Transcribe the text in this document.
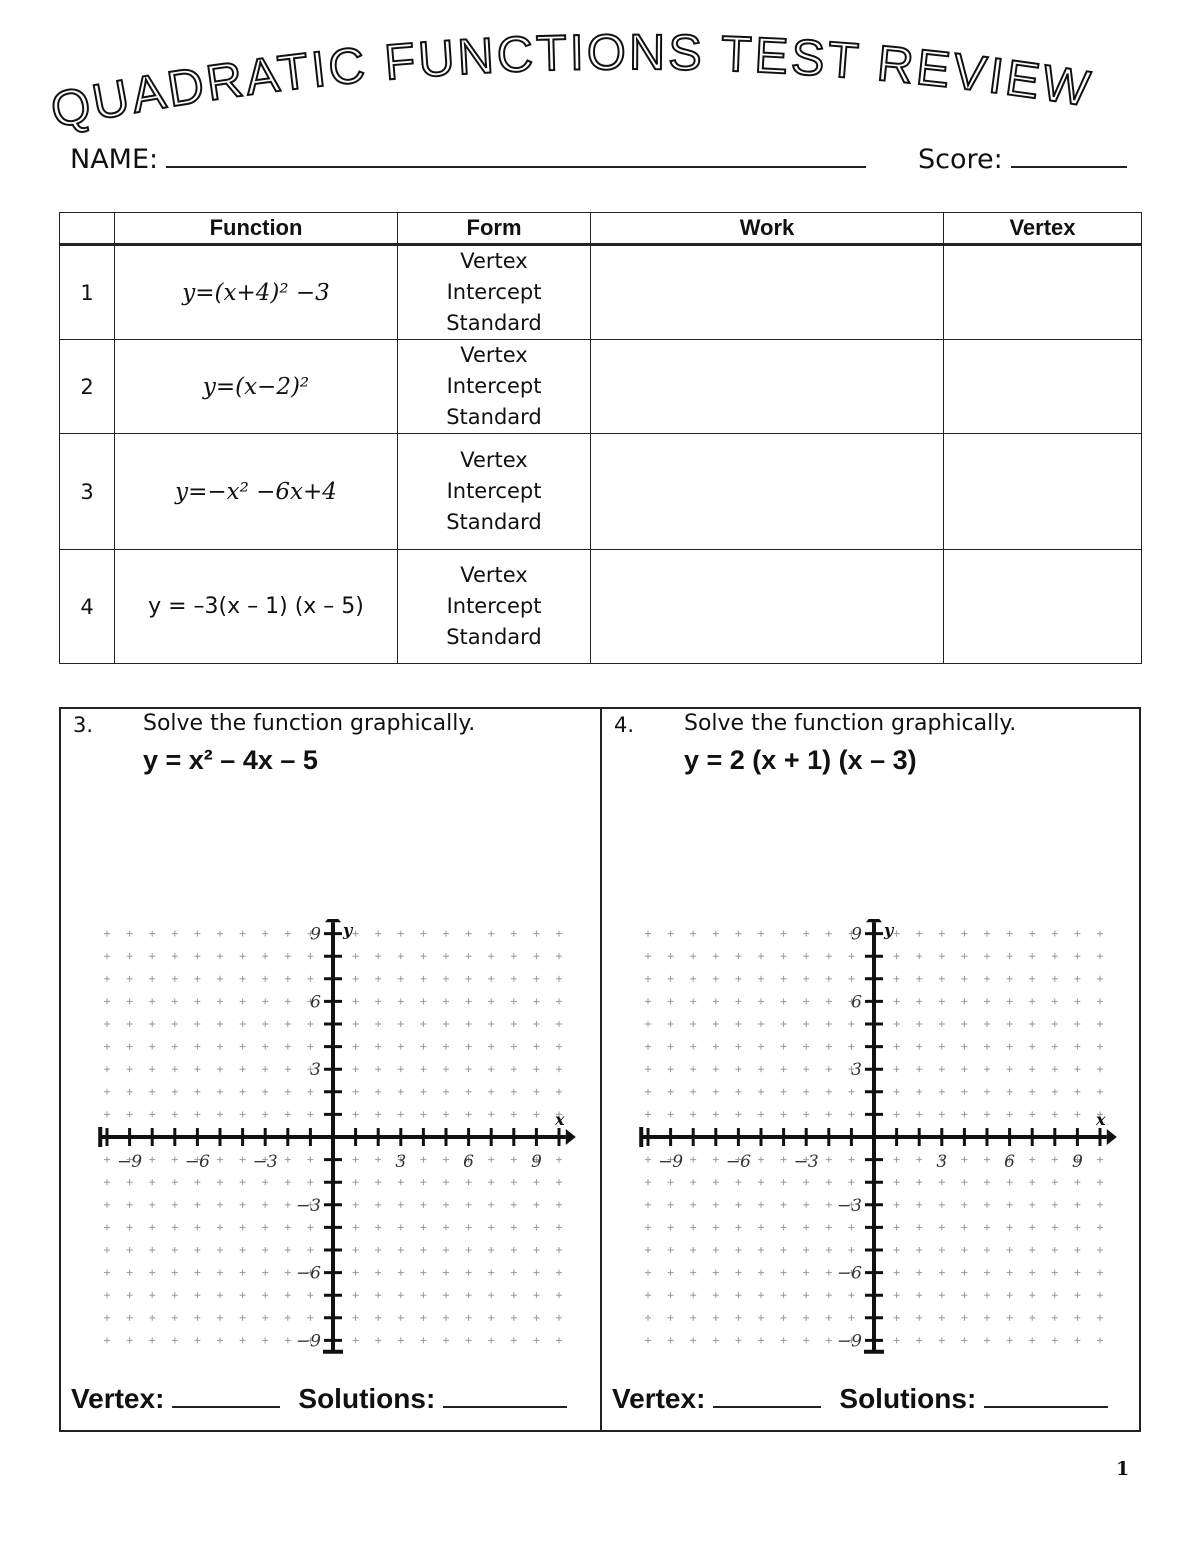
QUADRATIC FUNCTIONS TEST REVIEW
NAME:	Score:
	Function	Form	Work	Vertex
1	y=(x+4)² −3	Vertex
Intercept
Standard		

2	y=(x−2)²	Vertex
Intercept
Standard		

3	y=−x² −6x+4	Vertex
Intercept
Standard		

4	y = –3(x – 1) (x – 5)	Vertex
Intercept
Standard		

3. Solve the function graphically.
y = x² – 4x – 5
−9	−6	−3	3	6	9
9
6
3
−3
−6
−9
x
y
Vertex:	Solutions:
4. Solve the function graphically.
y = 2 (x + 1) (x – 3)
−9	−6	−3	3	6	9
9
6
3
−3
−6
−9
x
y
Vertex:	Solutions:
1
